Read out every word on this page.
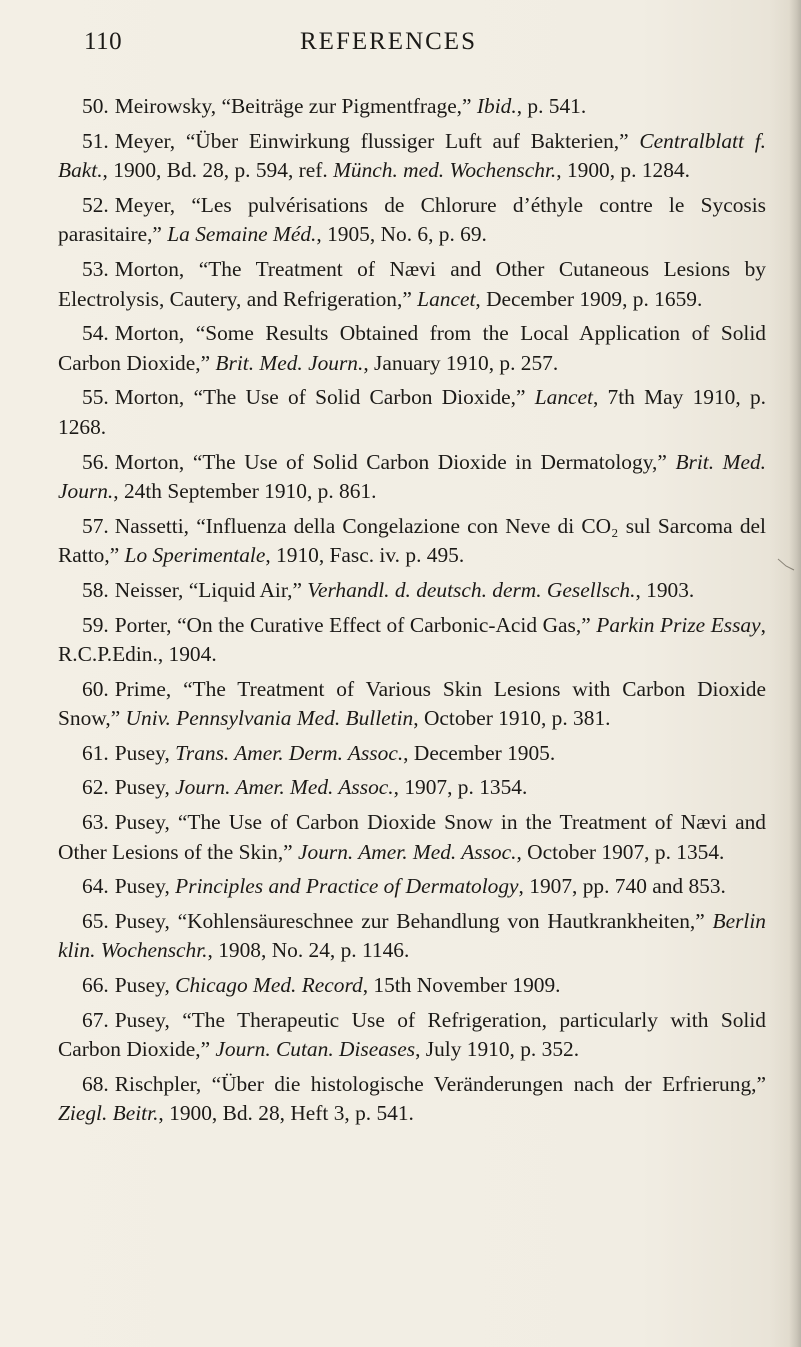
110	REFERENCES

50. Meirowsky, “Beiträge zur Pigmentfrage,” Ibid., p. 541.

51. Meyer, “Über Einwirkung flussiger Luft auf Bakterien,” Centralblatt f. Bakt., 1900, Bd. 28, p. 594, ref. Münch. med. Wochenschr., 1900, p. 1284.

52. Meyer, “Les pulvérisations de Chlorure d’éthyle contre le Sycosis parasitaire,” La Semaine Méd., 1905, No. 6, p. 69.

53. Morton, “The Treatment of Nævi and Other Cutaneous Lesions by Electrolysis, Cautery, and Refrigeration,” Lancet, December 1909, p. 1659.

54. Morton, “Some Results Obtained from the Local Application of Solid Carbon Dioxide,” Brit. Med. Journ., January 1910, p. 257.

55. Morton, “The Use of Solid Carbon Dioxide,” Lancet, 7th May 1910, p. 1268.

56. Morton, “The Use of Solid Carbon Dioxide in Dermatology,” Brit. Med. Journ., 24th September 1910, p. 861.

57. Nassetti, “Influenza della Congelazione con Neve di CO₂ sul Sarcoma del Ratto,” Lo Sperimentale, 1910, Fasc. iv. p. 495.

58. Neisser, “Liquid Air,” Verhandl. d. deutsch. derm. Gesellsch., 1903.

59. Porter, “On the Curative Effect of Carbonic-Acid Gas,” Parkin Prize Essay, R.C.P.Edin., 1904.

60. Prime, “The Treatment of Various Skin Lesions with Carbon Dioxide Snow,” Univ. Pennsylvania Med. Bulletin, October 1910, p. 381.

61. Pusey, Trans. Amer. Derm. Assoc., December 1905.

62. Pusey, Journ. Amer. Med. Assoc., 1907, p. 1354.

63. Pusey, “The Use of Carbon Dioxide Snow in the Treatment of Nævi and Other Lesions of the Skin,” Journ. Amer. Med. Assoc., October 1907, p. 1354.

64. Pusey, Principles and Practice of Dermatology, 1907, pp. 740 and 853.

65. Pusey, “Kohlensäureschnee zur Behandlung von Hautkrankheiten,” Berlin klin. Wochenschr., 1908, No. 24, p. 1146.

66. Pusey, Chicago Med. Record, 15th November 1909.

67. Pusey, “The Therapeutic Use of Refrigeration, particularly with Solid Carbon Dioxide,” Journ. Cutan. Diseases, July 1910, p. 352.

68. Rischpler, “Über die histologische Veränderungen nach der Erfrierung,” Ziegl. Beitr., 1900, Bd. 28, Heft 3, p. 541.
